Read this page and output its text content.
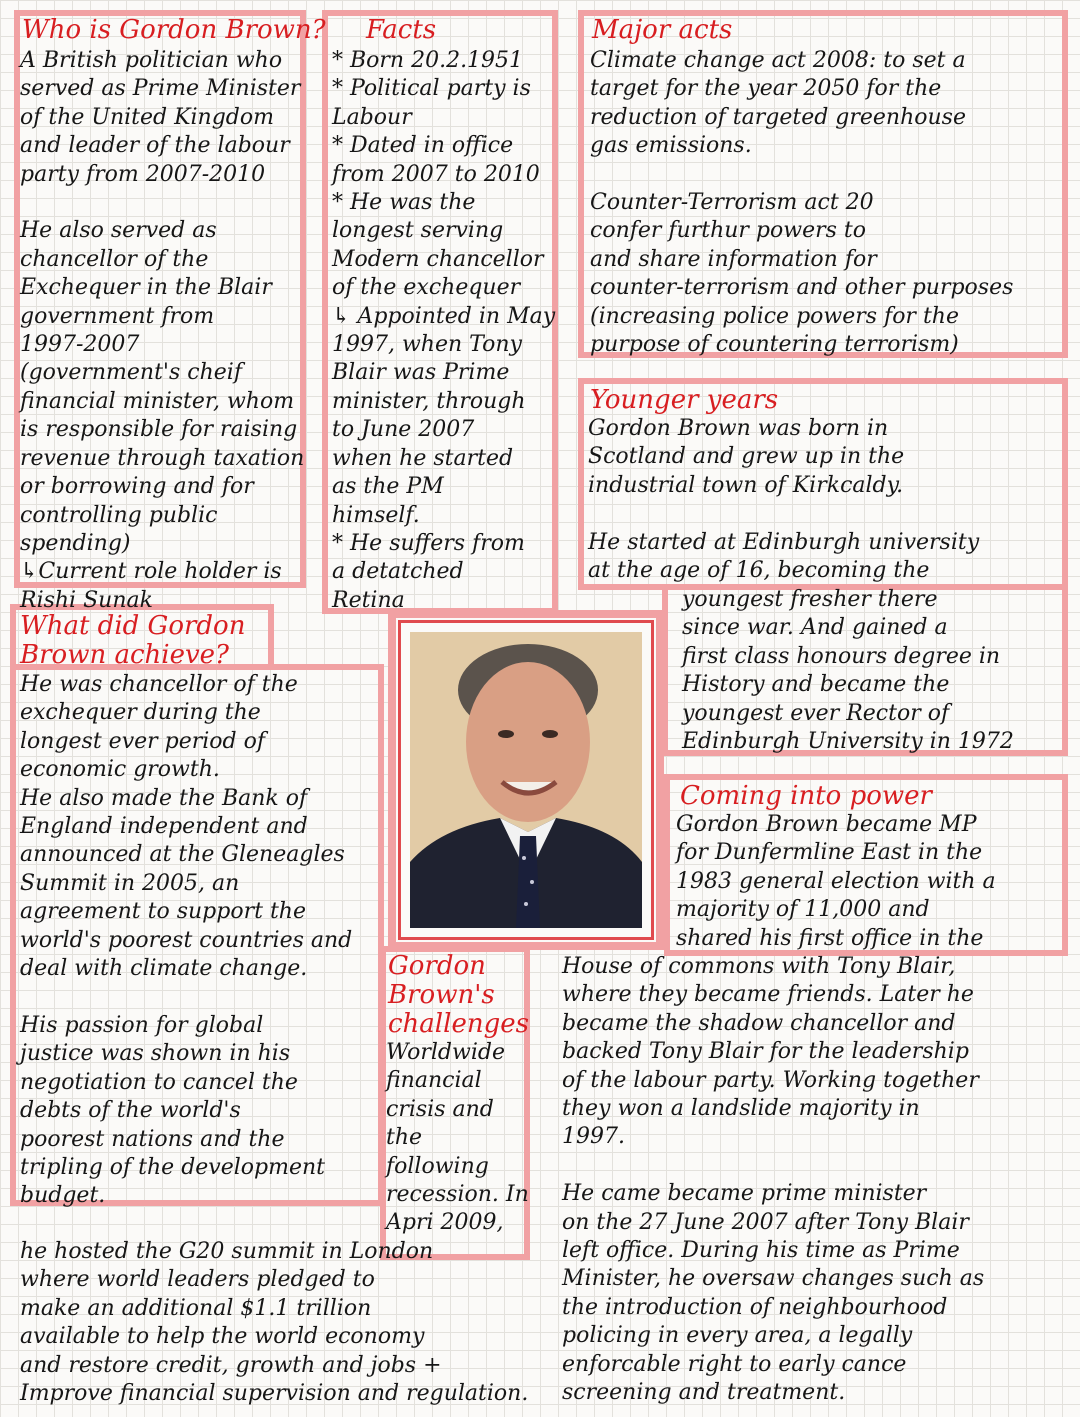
Who is Gordon Brown?
A British politician who
served as Prime Minister
of the United Kingdom
and leader of the labour
party from 2007-2010

He also served as
chancellor of the
Exchequer in the Blair
government from
1997-2007
(government's cheif
financial minister, whom
is responsible for raising
revenue through taxation
or borrowing and for
controlling public spending)
↳Current role holder is
Rishi Sunak
Facts
* Born 20.2.1951
* Political party is
Labour
* Dated in office
from 2007 to 2010
* He was the
longest serving
Modern chancellor
of the exchequer
↳ Appointed in May
1997, when Tony
Blair was Prime
minister, through
to June 2007
when he started
as the PM
himself.
* He suffers from
a detatched
Retina
Major acts
Climate change act 2008: to set a
target for the year 2050 for the
reduction of targeted greenhouse
gas emissions.

Counter-Terrorism act 20
confer furthur powers to
and share information for
counter-terrorism and other purposes
(increasing police powers for the
purpose of countering terrorism)
Younger years
Gordon Brown was born in
Scotland and grew up in the
industrial town of Kirkcaldy.

He started at Edinburgh university
at the age of 16, becoming the
youngest fresher there
since war. And gained a
first class honours degree in
History and became the
youngest ever Rector of
Edinburgh University in 1972
What did Gordon
Brown achieve?
He was chancellor of the
exchequer during the
longest ever period of
economic growth.
He also made the Bank of
England independent and
announced at the Gleneagles
Summit in 2005, an
agreement to support the
world's poorest countries and
deal with climate change.

His passion for global
justice was shown in his
negotiation to cancel the
debts of the world's
poorest nations and the
tripling of the development
budget.
Gordon
Brown's
challenges
Worldwide
financial
crisis and
the
following
recession. In
Apri 2009,
he hosted the G20 summit in London
where world leaders pledged to
make an additional $1.1 trillion
available to help the world economy
and restore credit, growth and jobs +
Improve financial supervision and regulation.
Coming into power
Gordon Brown became MP
for Dunfermline East in the
1983 general election with a
majority of 11,000 and
shared his first office in the
House of commons with Tony Blair,
where they became friends. Later he
became the shadow chancellor and
backed Tony Blair for the leadership
of the labour party. Working together
they won a landslide majority in
1997.

He came became prime minister
on the 27 June 2007 after Tony Blair
left office. During his time as Prime
Minister, he oversaw changes such as
the introduction of neighbourhood
policing in every area, a legally
enforcable right to early cance
screening and treatment.
